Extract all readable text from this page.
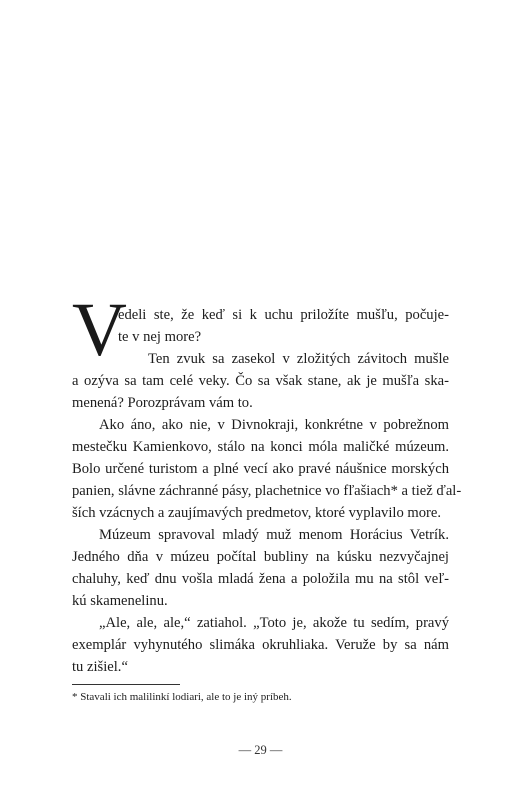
V
edeli ste, že keď si k uchu priložíte mušľu, počuje-
te v nej more?
Ten zvuk sa zasekol v zložitých závitoch mušle
a ozýva sa tam celé veky. Čo sa však stane, ak je mušľa ska-
menená? Porozprávam vám to.
Ako áno, ako nie, v Divnokraji, konkrétne v pobrežnom
mestečku Kamienkovo, stálo na konci móla maličké múzeum.
Bolo určené turistom a plné vecí ako pravé náušnice morských
panien, slávne záchranné pásy, plachetnice vo fľašiach* a tiež ďal-
ších vzácnych a zaujímavých predmetov, ktoré vyplavilo more.
Múzeum spravoval mladý muž menom Horácius Vetrík.
Jedného dňa v múzeu počítal bubliny na kúsku nezvyčajnej
chaluhy, keď dnu vošla mladá žena a položila mu na stôl veľ-
kú skamenelinu.
„Ale, ale, ale,“ zatiahol. „Toto je, akože tu sedím, pravý
exemplár vyhynutého slimáka okruhliaka. Veruže by sa nám
tu zišiel.“
* Stavali ich malilinkí lodiari, ale to je iný príbeh.
— 29 —
